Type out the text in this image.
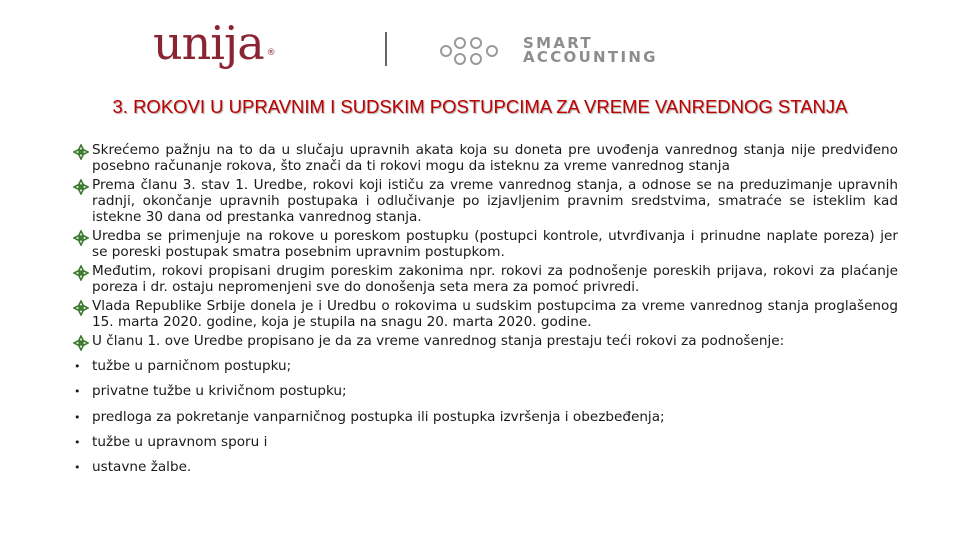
unija ®
SMART
ACCOUNTING
3. ROKOVI U UPRAVNIM I SUDSKIM POSTUPCIMA ZA VREME VANREDNOG STANJA
Skrećemo pažnju na to da u slučaju upravnih akata koja su doneta pre uvođenja vanrednog stanja nije predviđeno posebno računanje rokova, što znači da ti rokovi mogu da isteknu za vreme vanrednog stanja
Prema članu 3. stav 1. Uredbe, rokovi koji ističu za vreme vanrednog stanja, a odnose se na preduzimanje upravnih radnji, okončanje upravnih postupaka i odlučivanje po izjavljenim pravnim sredstvima, smatraće se isteklim kad istekne 30 dana od prestanka vanrednog stanja.
Uredba se primenjuje na rokove u poreskom postupku (postupci kontrole, utvrđivanja i prinudne naplate poreza) jer se poreski postupak smatra posebnim upravnim postupkom.
Međutim, rokovi propisani drugim poreskim zakonima npr. rokovi za podnošenje poreskih prijava, rokovi za plaćanje poreza i dr. ostaju nepromenjeni sve do donošenja seta mera za pomoć privredi.
Vlada Republike Srbije donela je i Uredbu o rokovima u sudskim postupcima za vreme vanrednog stanja proglašenog 15. marta 2020. godine, koja je stupila na snagu 20. marta 2020. godine.
U članu 1. ove Uredbe propisano je da za vreme vanrednog stanja prestaju teći rokovi za podnošenje:
• tužbe u parničnom postupku;
• privatne tužbe u krivičnom postupku;
• predloga za pokretanje vanparničnog postupka ili postupka izvršenja i obezbeđenja;
• tužbe u upravnom sporu i
• ustavne žalbe.
